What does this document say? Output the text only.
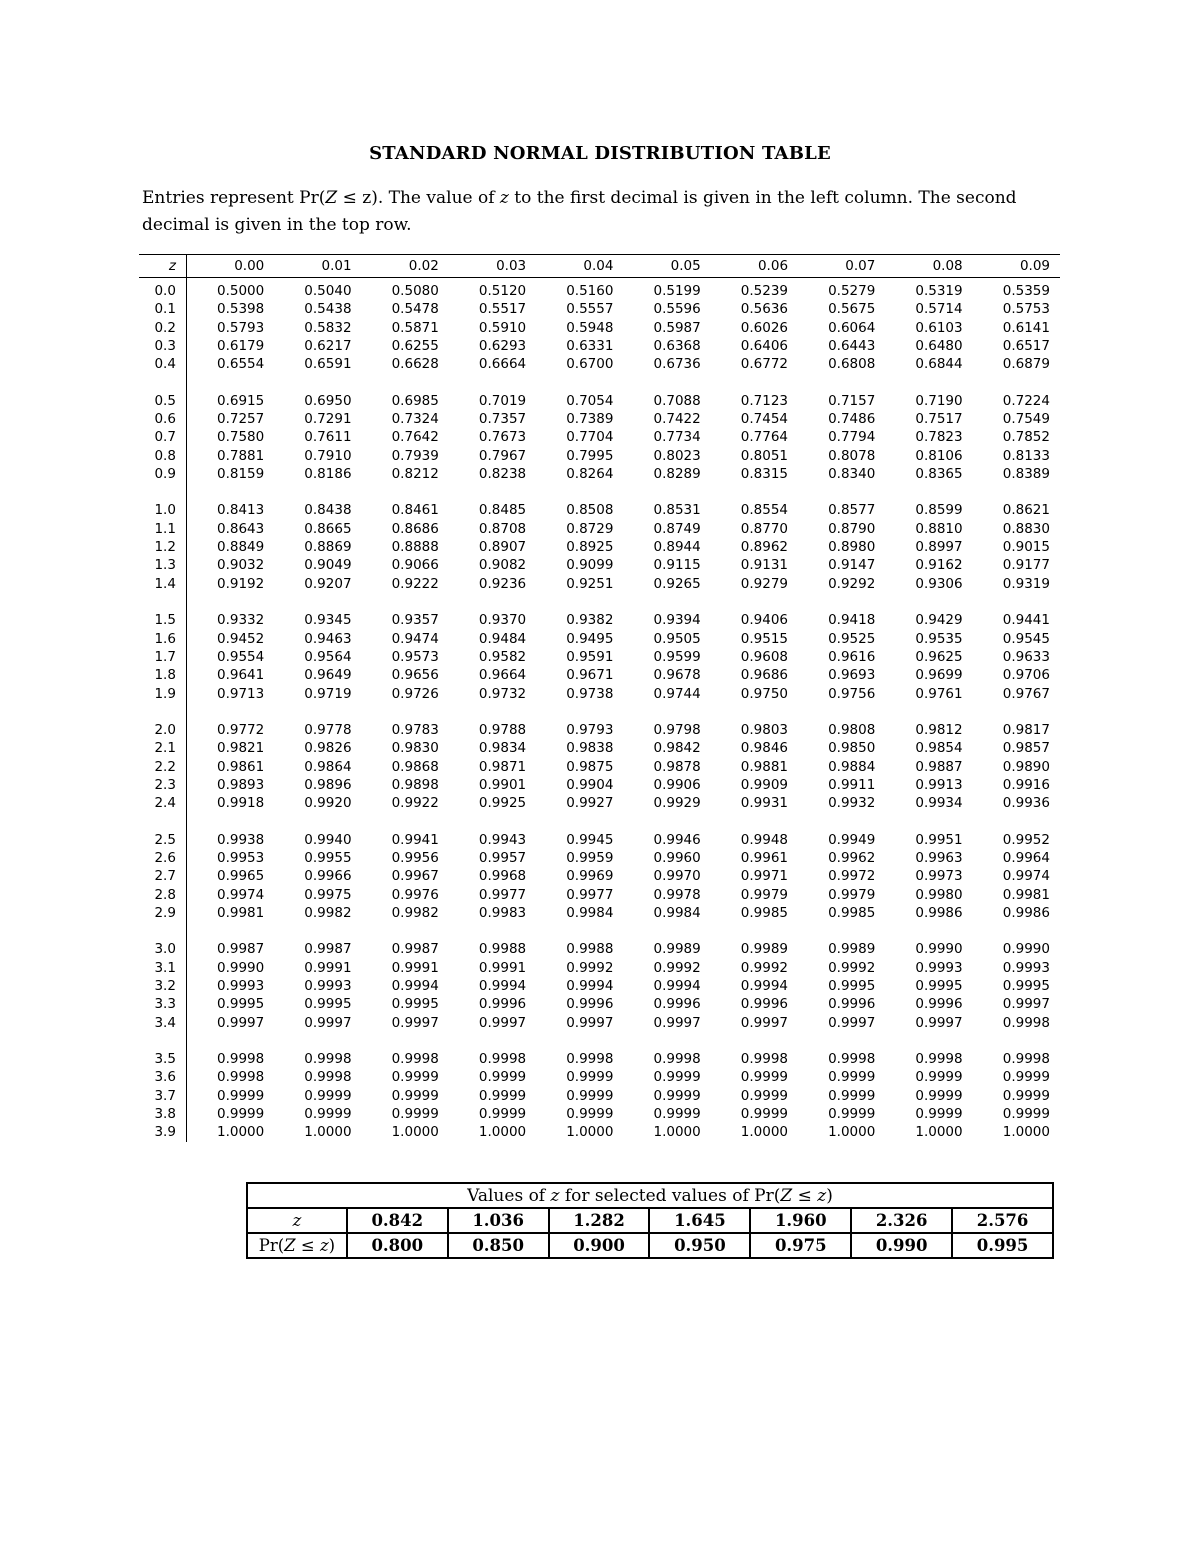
STANDARD NORMAL DISTRIBUTION TABLE
Entries represent Pr(Z ≤ z). The value of z to the first decimal is given in the left column. The second decimal is given in the top row.
z	0.00	0.01	0.02	0.03	0.04	0.05	0.06	0.07	0.08	0.09
0.0	0.5000	0.5040	0.5080	0.5120	0.5160	0.5199	0.5239	0.5279	0.5319	0.5359
0.1	0.5398	0.5438	0.5478	0.5517	0.5557	0.5596	0.5636	0.5675	0.5714	0.5753
0.2	0.5793	0.5832	0.5871	0.5910	0.5948	0.5987	0.6026	0.6064	0.6103	0.6141
0.3	0.6179	0.6217	0.6255	0.6293	0.6331	0.6368	0.6406	0.6443	0.6480	0.6517
0.4	0.6554	0.6591	0.6628	0.6664	0.6700	0.6736	0.6772	0.6808	0.6844	0.6879
0.5	0.6915	0.6950	0.6985	0.7019	0.7054	0.7088	0.7123	0.7157	0.7190	0.7224
0.6	0.7257	0.7291	0.7324	0.7357	0.7389	0.7422	0.7454	0.7486	0.7517	0.7549
0.7	0.7580	0.7611	0.7642	0.7673	0.7704	0.7734	0.7764	0.7794	0.7823	0.7852
0.8	0.7881	0.7910	0.7939	0.7967	0.7995	0.8023	0.8051	0.8078	0.8106	0.8133
0.9	0.8159	0.8186	0.8212	0.8238	0.8264	0.8289	0.8315	0.8340	0.8365	0.8389
1.0	0.8413	0.8438	0.8461	0.8485	0.8508	0.8531	0.8554	0.8577	0.8599	0.8621
1.1	0.8643	0.8665	0.8686	0.8708	0.8729	0.8749	0.8770	0.8790	0.8810	0.8830
1.2	0.8849	0.8869	0.8888	0.8907	0.8925	0.8944	0.8962	0.8980	0.8997	0.9015
1.3	0.9032	0.9049	0.9066	0.9082	0.9099	0.9115	0.9131	0.9147	0.9162	0.9177
1.4	0.9192	0.9207	0.9222	0.9236	0.9251	0.9265	0.9279	0.9292	0.9306	0.9319
1.5	0.9332	0.9345	0.9357	0.9370	0.9382	0.9394	0.9406	0.9418	0.9429	0.9441
1.6	0.9452	0.9463	0.9474	0.9484	0.9495	0.9505	0.9515	0.9525	0.9535	0.9545
1.7	0.9554	0.9564	0.9573	0.9582	0.9591	0.9599	0.9608	0.9616	0.9625	0.9633
1.8	0.9641	0.9649	0.9656	0.9664	0.9671	0.9678	0.9686	0.9693	0.9699	0.9706
1.9	0.9713	0.9719	0.9726	0.9732	0.9738	0.9744	0.9750	0.9756	0.9761	0.9767
2.0	0.9772	0.9778	0.9783	0.9788	0.9793	0.9798	0.9803	0.9808	0.9812	0.9817
2.1	0.9821	0.9826	0.9830	0.9834	0.9838	0.9842	0.9846	0.9850	0.9854	0.9857
2.2	0.9861	0.9864	0.9868	0.9871	0.9875	0.9878	0.9881	0.9884	0.9887	0.9890
2.3	0.9893	0.9896	0.9898	0.9901	0.9904	0.9906	0.9909	0.9911	0.9913	0.9916
2.4	0.9918	0.9920	0.9922	0.9925	0.9927	0.9929	0.9931	0.9932	0.9934	0.9936
2.5	0.9938	0.9940	0.9941	0.9943	0.9945	0.9946	0.9948	0.9949	0.9951	0.9952
2.6	0.9953	0.9955	0.9956	0.9957	0.9959	0.9960	0.9961	0.9962	0.9963	0.9964
2.7	0.9965	0.9966	0.9967	0.9968	0.9969	0.9970	0.9971	0.9972	0.9973	0.9974
2.8	0.9974	0.9975	0.9976	0.9977	0.9977	0.9978	0.9979	0.9979	0.9980	0.9981
2.9	0.9981	0.9982	0.9982	0.9983	0.9984	0.9984	0.9985	0.9985	0.9986	0.9986
3.0	0.9987	0.9987	0.9987	0.9988	0.9988	0.9989	0.9989	0.9989	0.9990	0.9990
3.1	0.9990	0.9991	0.9991	0.9991	0.9992	0.9992	0.9992	0.9992	0.9993	0.9993
3.2	0.9993	0.9993	0.9994	0.9994	0.9994	0.9994	0.9994	0.9995	0.9995	0.9995
3.3	0.9995	0.9995	0.9995	0.9996	0.9996	0.9996	0.9996	0.9996	0.9996	0.9997
3.4	0.9997	0.9997	0.9997	0.9997	0.9997	0.9997	0.9997	0.9997	0.9997	0.9998
3.5	0.9998	0.9998	0.9998	0.9998	0.9998	0.9998	0.9998	0.9998	0.9998	0.9998
3.6	0.9998	0.9998	0.9999	0.9999	0.9999	0.9999	0.9999	0.9999	0.9999	0.9999
3.7	0.9999	0.9999	0.9999	0.9999	0.9999	0.9999	0.9999	0.9999	0.9999	0.9999
3.8	0.9999	0.9999	0.9999	0.9999	0.9999	0.9999	0.9999	0.9999	0.9999	0.9999
3.9	1.0000	1.0000	1.0000	1.0000	1.0000	1.0000	1.0000	1.0000	1.0000	1.0000
Values of z for selected values of Pr(Z ≤ z)							
z	0.842	1.036	1.282	1.645	1.960	2.326	2.576
Pr(Z ≤ z)	0.800	0.850	0.900	0.950	0.975	0.990	0.995
